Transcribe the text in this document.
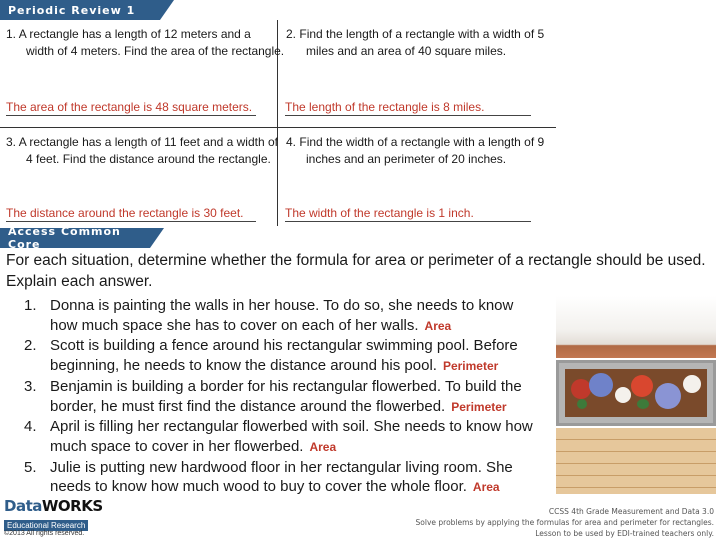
Periodic Review 1
1. A rectangle has a length of 12 meters and a
width of 4 meters. Find the area of the rectangle.
The area of the rectangle is 48 square meters.
2. Find the length of a rectangle with a width of 5
miles and an area of 40 square miles.
The length of the rectangle is 8 miles.
3. A rectangle has a length of 11 feet and a width of
4 feet. Find the distance around the rectangle.
The distance around the rectangle is 30 feet.
4. Find the width of a rectangle with a length of 9
inches and an perimeter of 20 inches.
The width of the rectangle is 1 inch.
Access Common Core
For each situation, determine whether the formula for area or perimeter of a rectangle should be used. Explain each answer.
1. Donna is painting the walls in her house. To do so, she needs to know how much space she has to cover on each of her walls. Area
2. Scott is building a fence around his rectangular swimming pool. Before beginning, he needs to know the distance around his pool. Perimeter
3. Benjamin is building a border for his rectangular flowerbed. To build the border, he must first find the distance around the flowerbed. Perimeter
4. April is filling her rectangular flowerbed with soil. She needs to know how much space to cover in her flowerbed. Area
5. Julie is putting new hardwood floor in her rectangular living room. She needs to know how much wood to buy to cover the whole floor. Area
DataWORKS
Educational Research
©2013 All rights reserved.
CCSS 4th Grade Measurement and Data 3.0
Solve problems by applying the formulas for area and perimeter for rectangles.
Lesson to be used by EDI-trained teachers only.
